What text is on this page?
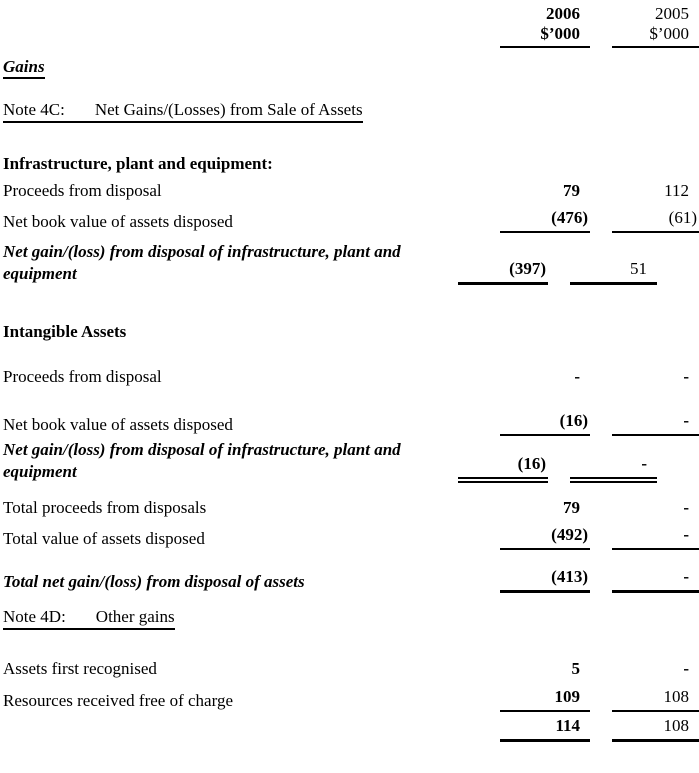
2006	2005
$’000	$’000
Gains
Note 4C: Net Gains/(Losses) from Sale of Assets
Infrastructure, plant and equipment:
Proceeds from disposal	79	112
Net book value of assets disposed	(476)	(61)
Net gain/(loss) from disposal of infrastructure, plant and equipment	(397)	51
Intangible Assets
Proceeds from disposal	-	-
Net book value of assets disposed	(16)	-
Net gain/(loss) from disposal of infrastructure, plant and equipment	(16)	-
Total proceeds from disposals	79	-
Total value of assets disposed	(492)	-
Total net gain/(loss) from disposal of assets	(413)	-
Note 4D: Other gains
Assets first recognised	5	-
Resources received free of charge	109	108
114	108
